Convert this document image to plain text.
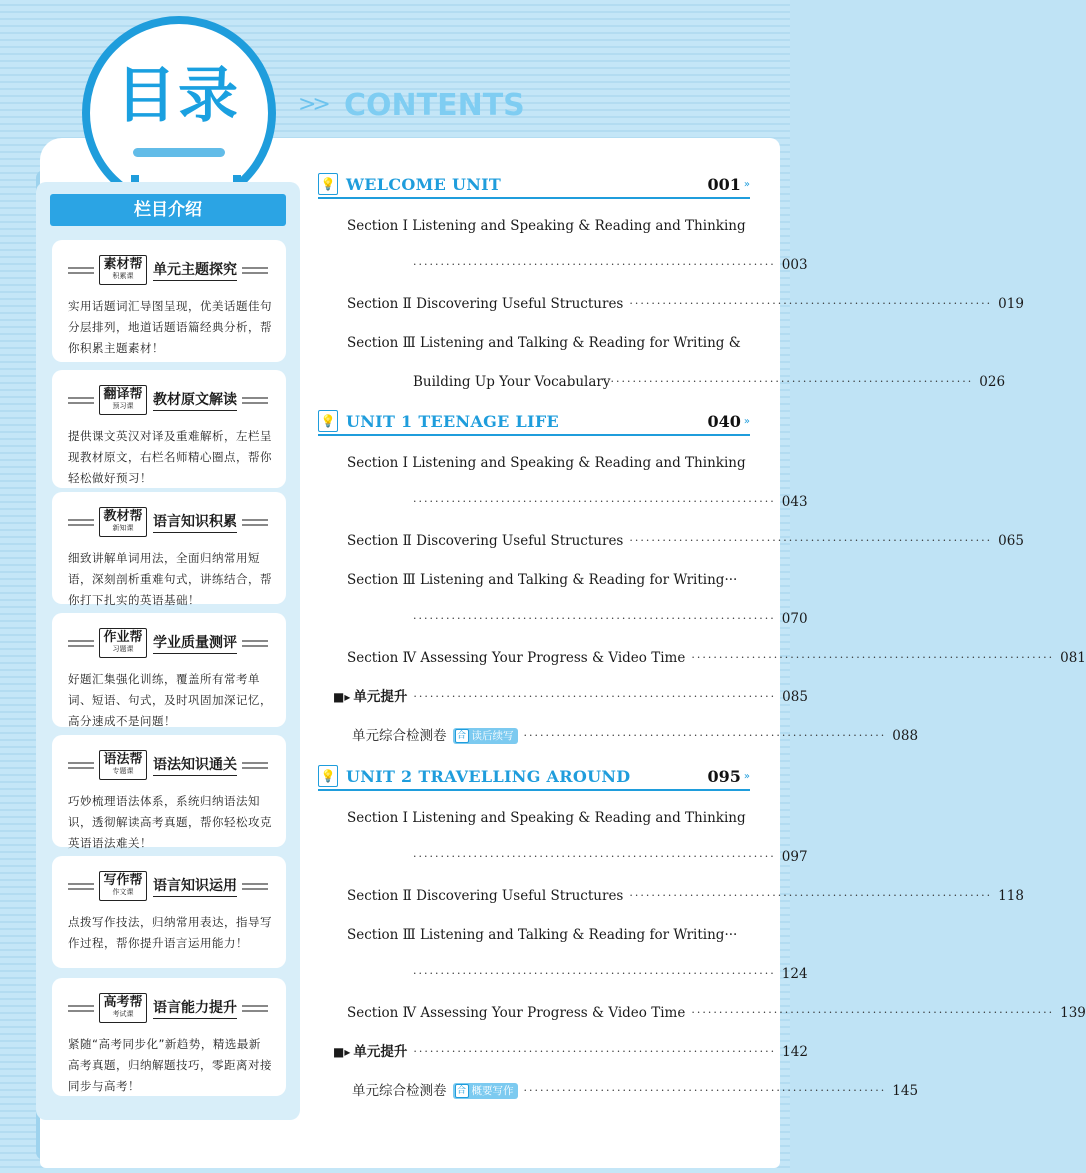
目录	>> CONTENTS
栏目介绍
素材帮
积累课	单元主题探究
实用话题词汇导图呈现，优美话题佳句分层排列，地道话题语篇经典分析，帮你积累主题素材！
翻译帮
预习课	教材原文解读
提供课文英汉对译及重难解析，左栏呈现教材原文，右栏名师精心圈点，帮你轻松做好预习！
教材帮
新知课	语言知识积累
细致讲解单词用法，全面归纳常用短语，深刻剖析重难句式，讲练结合，帮你打下扎实的英语基础！
作业帮
习题课	学业质量测评
好题汇集强化训练，覆盖所有常考单词、短语、句式，及时巩固加深记忆，高分速成不是问题！
语法帮
专题课	语法知识通关
巧妙梳理语法体系，系统归纳语法知识，透彻解读高考真题，帮你轻松攻克英语语法难关！
写作帮
作文课	语言知识运用
点拨写作技法，归纳常用表达，指导写作过程，帮你提升语言运用能力！
高考帮
考试课	语言能力提升
紧随“高考同步化”新趋势，精选最新高考真题，归纳解题技巧，零距离对接同步与高考！
💡 WELCOME UNIT	001 »
Section Ⅰ Listening and Speaking & Reading and Thinking
·································································· 003
Section Ⅱ Discovering Useful Structures ·································································· 019
Section Ⅲ Listening and Talking & Reading for Writing &
Building Up Your Vocabulary ·································································· 026
💡 UNIT 1 TEENAGE LIFE	040 »
Section Ⅰ Listening and Speaking & Reading and Thinking
·································································· 043
Section Ⅱ Discovering Useful Structures ·································································· 065
Section Ⅲ Listening and Talking & Reading for Writing ···
·································································· 070
Section Ⅳ Assessing Your Progress & Video Time ·································································· 081
■▸ 单元提升 ·································································· 085
单元综合检测卷 合 读后续写 ·································································· 088
💡 UNIT 2 TRAVELLING AROUND	095 »
Section Ⅰ Listening and Speaking & Reading and Thinking
·································································· 097
Section Ⅱ Discovering Useful Structures ·································································· 118
Section Ⅲ Listening and Talking & Reading for Writing ···
·································································· 124
Section Ⅳ Assessing Your Progress & Video Time ·································································· 139
■▸ 单元提升 ·································································· 142
单元综合检测卷 合 概要写作 ·································································· 145
